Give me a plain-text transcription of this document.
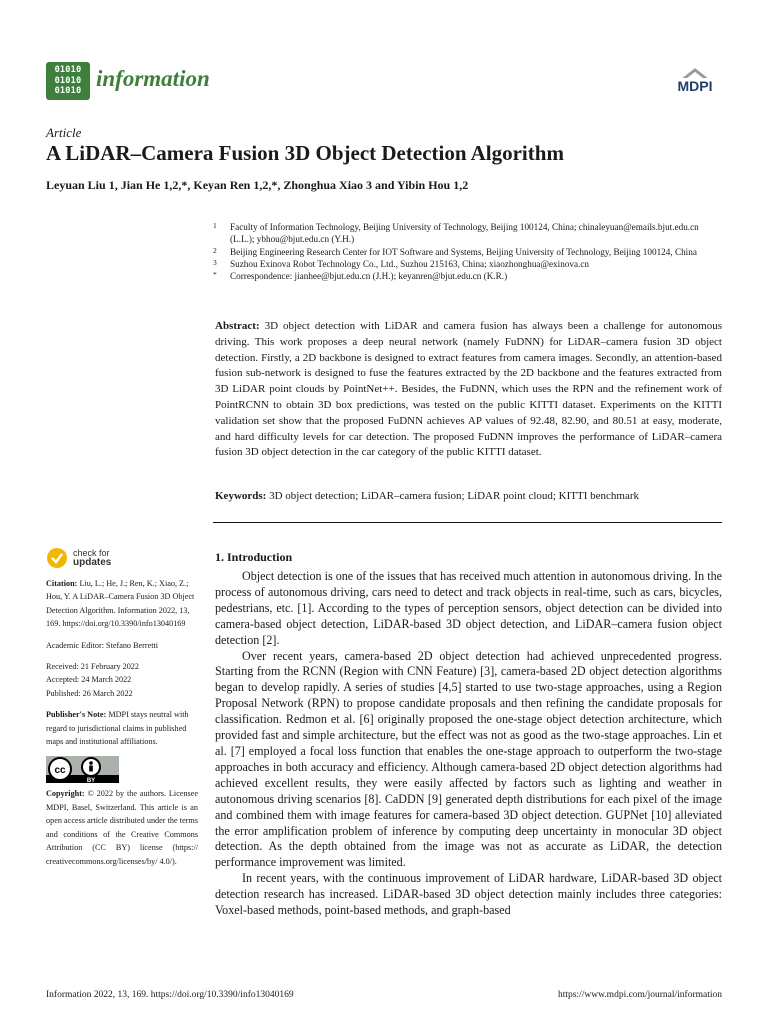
01010
01010
01010 information	MDPI
Article
A LiDAR–Camera Fusion 3D Object Detection Algorithm
Leyuan Liu 1, Jian He 1,2,*, Keyan Ren 1,2,*, Zhonghua Xiao 3 and Yibin Hou 1,2
1	Faculty of Information Technology, Beijing University of Technology, Beijing 100124, China; chinaleyuan@emails.bjut.edu.cn (L.L.); ybhou@bjut.edu.cn (Y.H.)
2	Beijing Engineering Research Center for IOT Software and Systems, Beijing University of Technology, Beijing 100124, China
3	Suzhou Exinova Robot Technology Co., Ltd., Suzhou 215163, China; xiaozhonghua@exinova.cn
*	Correspondence: jianhee@bjut.edu.cn (J.H.); keyanren@bjut.edu.cn (K.R.)
Abstract: 3D object detection with LiDAR and camera fusion has always been a challenge for autonomous driving. This work proposes a deep neural network (namely FuDNN) for LiDAR–camera fusion 3D object detection. Firstly, a 2D backbone is designed to extract features from camera images. Secondly, an attention-based fusion sub-network is designed to fuse the features extracted by the 2D backbone and the features extracted from 3D LiDAR point clouds by PointNet++. Besides, the FuDNN, which uses the RPN and the refinement work of PointRCNN to obtain 3D box predictions, was tested on the public KITTI dataset. Experiments on the KITTI validation set show that the proposed FuDNN achieves AP values of 92.48, 82.90, and 80.51 at easy, moderate, and hard difficulty levels for car detection. The proposed FuDNN improves the performance of LiDAR–camera fusion 3D object detection in the car category of the public KITTI dataset.
Keywords: 3D object detection; LiDAR–camera fusion; LiDAR point cloud; KITTI benchmark
check for
updates
Citation: Liu, L.; He, J.; Ren, K.; Xiao, Z.; Hou, Y. A LiDAR–Camera Fusion 3D Object Detection Algorithm. Information 2022, 13, 169. https://doi.org/10.3390/info13040169
Academic Editor: Stefano Berretti
Received: 21 February 2022
Accepted: 24 March 2022
Published: 26 March 2022
Publisher's Note: MDPI stays neutral with regard to jurisdictional claims in published maps and institutional affiliations.
cc
BY
Copyright: © 2022 by the authors. Licensee MDPI, Basel, Switzerland. This article is an open access article distributed under the terms and conditions of the Creative Commons Attribution (CC BY) license (https:// creativecommons.org/licenses/by/ 4.0/).
1. Introduction

Object detection is one of the issues that has received much attention in autonomous driving. In the process of autonomous driving, cars need to detect and track objects in real-time, such as cars, bicycles, pedestrians, etc. [1]. According to the types of perception sensors, object detection can be divided into camera-based object detection, LiDAR-based 3D object detection, and LiDAR–camera fusion object detection [2].

Over recent years, camera-based 2D object detection had achieved unprecedented progress. Starting from the RCNN (Region with CNN Feature) [3], camera-based 2D object detection algorithms began to develop rapidly. A series of studies [4,5] started to use two-stage approaches, using a Region Proposal Network (RPN) to propose candidate proposals and then refining the candidate proposals for classification. Redmon et al. [6] originally proposed the one-stage object detection architecture, which provided fast and simple architecture, but the effect was not as good as the two-stage approaches. Lin et al. [7] employed a focal loss function that enables the one-stage approach to outperform the two-stage approaches in both accuracy and efficiency. Although camera-based 2D object detection algorithms had achieved excellent results, they were easily affected by factors such as lighting and weather in autonomous driving scenarios [8]. CaDDN [9] generated depth distributions for each pixel of the image and combined them with image features for camera-based 3D object detection. GUPNet [10] alleviated the error amplification problem of inference by computing deep uncertainty in monocular 3D object detection. As the depth obtained from the image was not as accurate as LiDAR, the detection performance improvement was limited.

In recent years, with the continuous improvement of LiDAR hardware, LiDAR-based 3D object detection research has increased. LiDAR-based 3D object detection mainly includes three categories: Voxel-based methods, point-based methods, and graph-based

Information 2022, 13, 169. https://doi.org/10.3390/info13040169	https://www.mdpi.com/journal/information
